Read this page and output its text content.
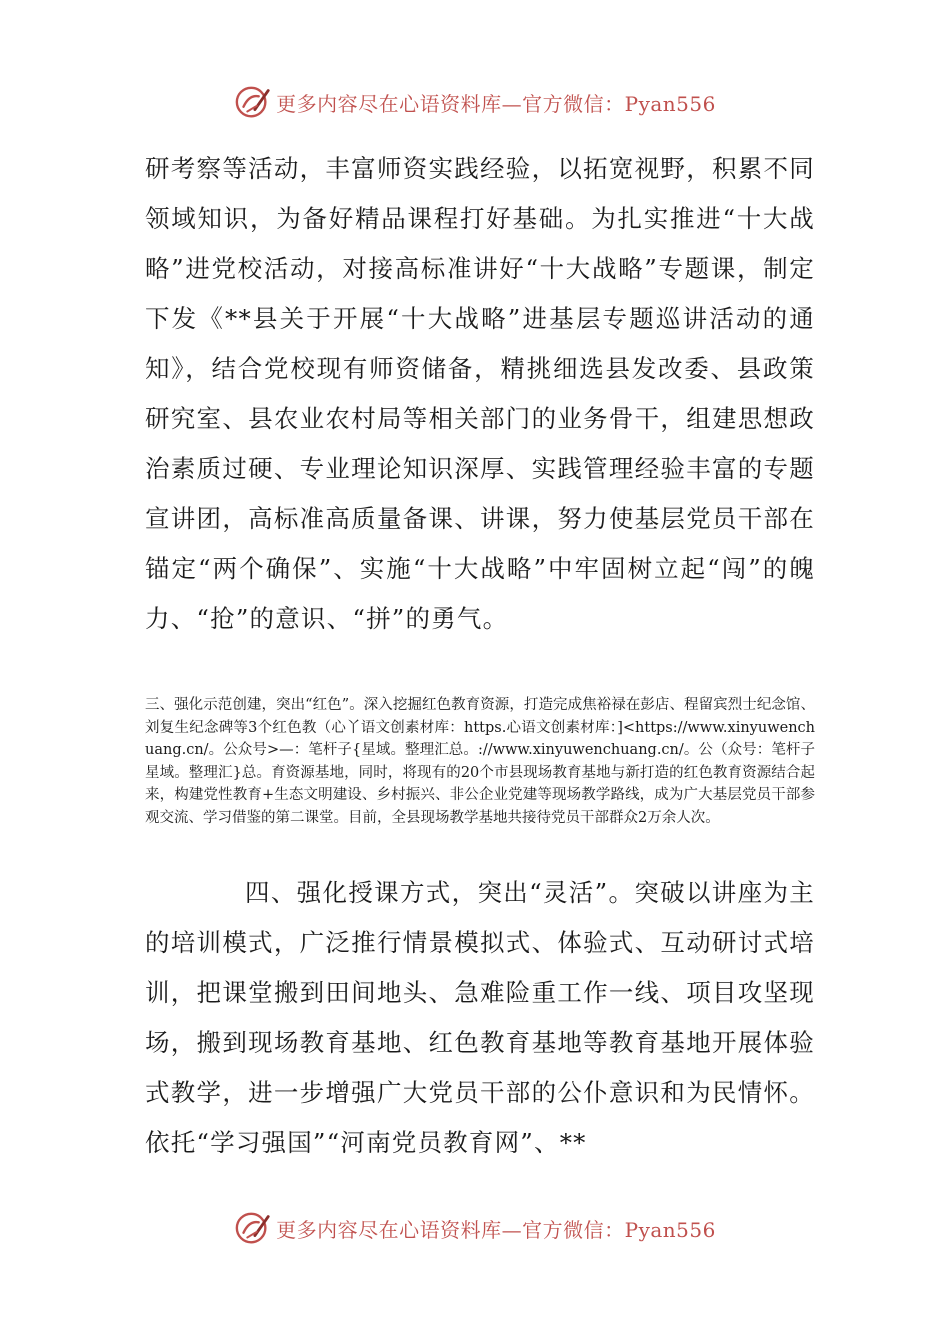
更多内容尽在心语资料库—官方微信：Pyan556

研考察等活动，丰富师资实践经验，以拓宽视野，积累不同领域知识，为备好精品课程打好基础。为扎实推进“十大战略”进党校活动，对接高标准讲好“十大战略”专题课，制定下发《**县关于开展“十大战略”进基层专题巡讲活动的通知》，结合党校现有师资储备，精挑细选县发改委、县政策研究室、县农业农村局等相关部门的业务骨干，组建思想政治素质过硬、专业理论知识深厚、实践管理经验丰富的专题宣讲团，高标准高质量备课、讲课，努力使基层党员干部在锚定“两个确保”、实施“十大战略”中牢固树立起“闯”的魄力、“抢”的意识、“拼”的勇气。

三、强化示范创建，突出“红色”。深入挖掘红色教育资源，打造完成焦裕禄在彭店、程留宾烈士纪念馆、刘复生纪念碑等3个红色教（心丫语文创素材库：https.心语文创素材库：]<https://www.xinyuwenchuang.cn/。公众号>—：笔杆子{星域。整理汇总。://www.xinyuwenchuang.cn/。公（众号：笔杆子星域。整理汇}总。育资源基地，同时，将现有的20个市县现场教育基地与新打造的红色教育资源结合起来，构建党性教育+生态文明建设、乡村振兴、非公企业党建等现场教学路线，成为广大基层党员干部参观交流、学习借鉴的第二课堂。目前，全县现场教学基地共接待党员干部群众2万余人次。

四、强化授课方式，突出“灵活”。突破以讲座为主的培训模式，广泛推行情景模拟式、体验式、互动研讨式培训，把课堂搬到田间地头、急难险重工作一线、项目攻坚现场，搬到现场教育基地、红色教育基地等教育基地开展体验式教学，进一步增强广大党员干部的公仆意识和为民情怀。依托“学习强国”“河南党员教育网”、**

更多内容尽在心语资料库—官方微信：Pyan556
